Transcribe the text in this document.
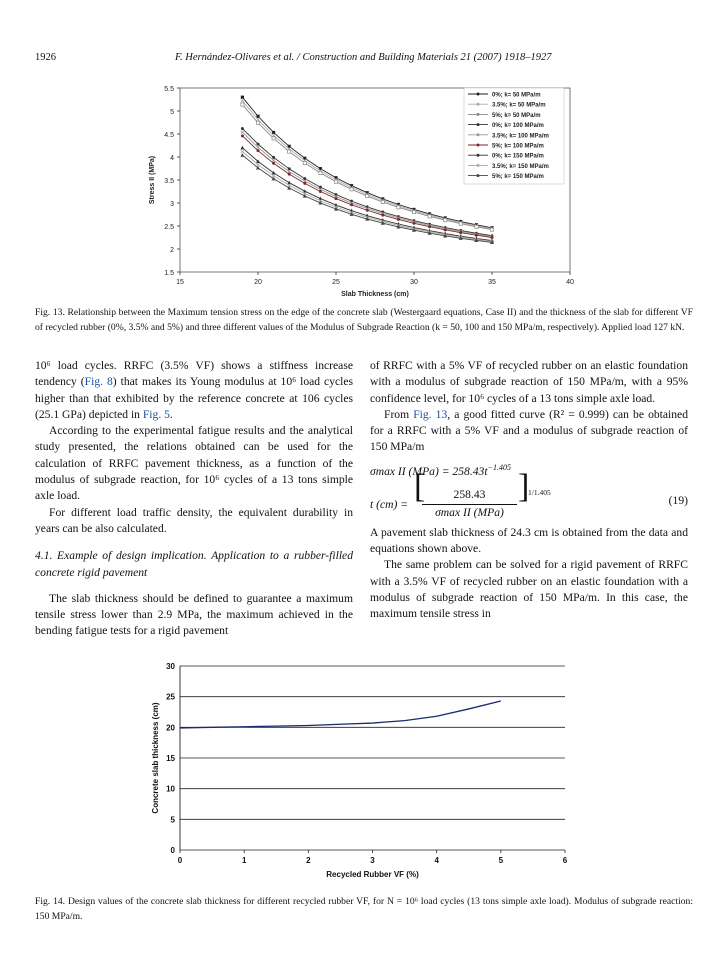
1926	F. Hernández-Olivares et al. / Construction and Building Materials 21 (2007) 1918–1927
1.5
2
2.5
3
3.5
4
4.5
5
5.5
15	20	25	30	35	40
Slab Thickness (cm)
Stress II (MPa)
0%; k= 50 MPa/m
3.5%; k= 50 MPa/m
5%; k= 50 MPa/m
0%; k= 100 MPa/m
3.5%; k= 100 MPa/m
5%; k= 100 MPa/m
0%; k= 150 MPa/m
3.5%; k= 150 MPa/m
5%; k= 150 MPa/m
Fig. 13. Relationship between the Maximum tension stress on the edge of the concrete slab (Westergaard equations, Case II) and the thickness of the slab for different VF of recycled rubber (0%, 3.5% and 5%) and three different values of the Modulus of Subgrade Reaction (k = 50, 100 and 150 MPa/m, respectively). Applied load 127 kN.

10⁶ load cycles. RRFC (3.5% VF) shows a stiffness increase tendency (Fig. 8) that makes its Young modulus at 10⁶ load cycles higher than that exhibited by the reference concrete at 106 cycles (25.1 GPa) depicted in Fig. 5.

According to the experimental fatigue results and the analytical study presented, the relations obtained can be used for the calculation of RRFC pavement thickness, as a function of the modulus of subgrade reaction, for 10⁶ cycles of a 13 tons simple axle load.

For different load traffic density, the equivalent durability in years can be also calculated.

4.1. Example of design implication. Application to a rubber-filled concrete rigid pavement

The slab thickness should be defined to guarantee a maximum tensile stress lower than 2.9 MPa, the maximum achieved in the bending fatigue tests for a rigid pavement

of RRFC with a 5% VF of recycled rubber on an elastic foundation with a modulus of subgrade reaction of 150 MPa/m, with a 95% confidence level, for 10⁶ cycles of a 13 tons simple axle load.

From Fig. 13, a good fitted curve (R² = 0.999) can be obtained for a RRFC with a 5% VF and a modulus of subgrade reaction of 150 MPa/m

σmax II $(MPa) = 258.43t^{-1.405}$
t (cm) = [	258.43
σmax II (MPa)
]
1/1.405
(19)

A pavement slab thickness of 24.3 cm is obtained from the data and equations shown above.

The same problem can be solved for a rigid pavement of RRFC with a 3.5% VF of recycled rubber on an elastic foundation with a modulus of subgrade reaction of 150 MPa/m. In this case, the maximum tensile stress in

0
5
10
15
20
25
30
0	1	2	3	4	5	6
Recycled Rubber VF (%)
Concrete slab thickness (cm)
Fig. 14. Design values of the concrete slab thickness for different recycled rubber VF, for N = 10⁶ load cycles (13 tons simple axle load). Modulus of subgrade reaction: 150 MPa/m.
